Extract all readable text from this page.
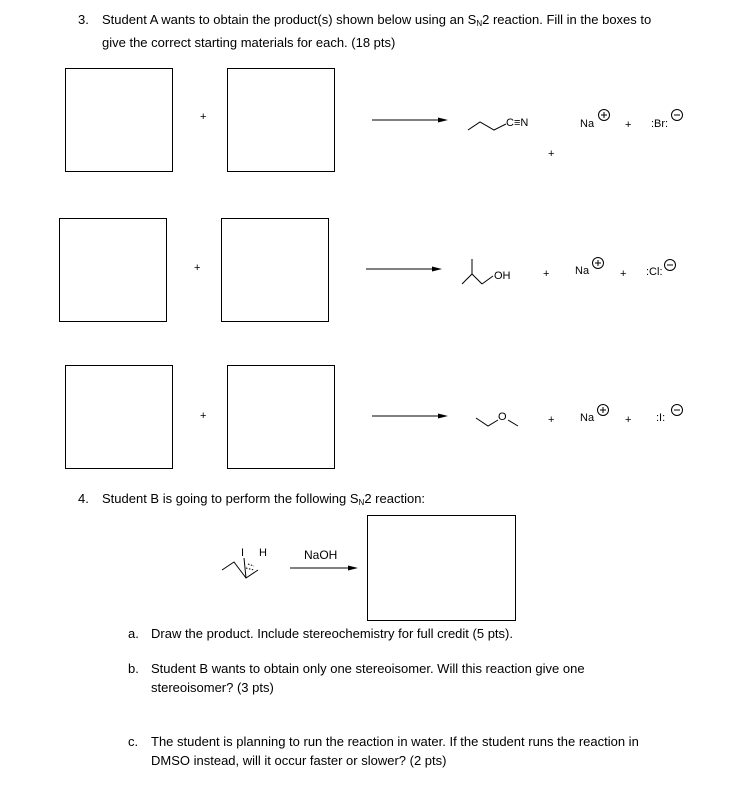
3. Student A wants to obtain the product(s) shown below using an $S_N2$ reaction. Fill in the boxes to
give the correct starting materials for each. (18 pts)
+	C≡N
+
Na	+ :Br:
+
OH	+ Na	+ :Cl:
+	O	+ Na	+ :I:
4. Student B is going to perform the following $S_N2$ reaction:
I H	NaOH
a. Draw the product. Include stereochemistry for full credit (5 pts).
b. Student B wants to obtain only one stereoisomer. Will this reaction give one
stereoisomer? (3 pts)
c. The student is planning to run the reaction in water. If the student runs the reaction in
DMSO instead, will it occur faster or slower? (2 pts)
